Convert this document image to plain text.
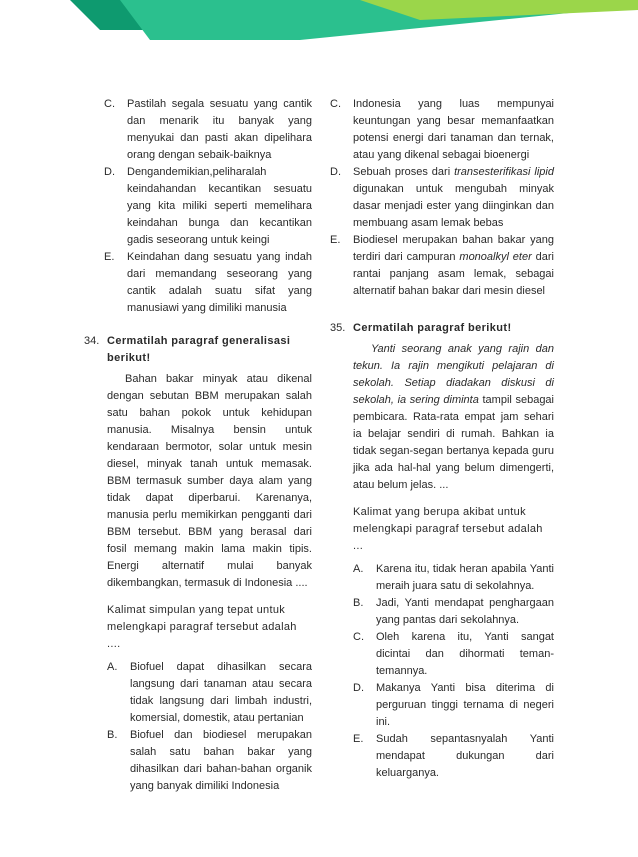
C. Pastilah segala sesuatu yang cantik dan menarik itu banyak yang menyukai dan pasti akan dipelihara orang dengan sebaik-baiknya
D. Dengandemikian,peliharalah keindahandan kecantikan sesuatu yang kita miliki seperti memelihara keindahan bunga dan kecantikan gadis seseorang untuk keingi
E. Keindahan dang sesuatu yang indah dari memandang seseorang yang cantik adalah suatu sifat yang manusiawi yang dimiliki manusia
34. Cermatilah paragraf generalisasi berikut!
Bahan bakar minyak atau dikenal dengan sebutan BBM merupakan salah satu bahan pokok untuk kehidupan manusia. Misalnya bensin untuk kendaraan bermotor, solar untuk mesin diesel, minyak tanah untuk memasak. BBM termasuk sumber daya alam yang tidak dapat diperbarui. Karenanya, manusia perlu memikirkan pengganti dari BBM tersebut. BBM yang berasal dari fosil memang makin lama makin tipis. Energi alternatif mulai banyak dikembangkan, termasuk di Indonesia ....
Kalimat simpulan yang tepat untuk melengkapi paragraf tersebut adalah ....
A. Biofuel dapat dihasilkan secara langsung dari tanaman atau secara tidak langsung dari limbah industri, komersial, domestik, atau pertanian
B. Biofuel dan biodiesel merupakan salah satu bahan bakar yang dihasilkan dari bahan-bahan organik yang banyak dimiliki Indonesia
C. Indonesia yang luas mempunyai keuntungan yang besar memanfaatkan potensi energi dari tanaman dan ternak, atau yang dikenal sebagai bioenergi
D. Sebuah proses dari transesterifikasi lipid digunakan untuk mengubah minyak dasar menjadi ester yang diinginkan dan membuang asam lemak bebas
E. Biodiesel merupakan bahan bakar yang terdiri dari campuran monoalkyl eter dari rantai panjang asam lemak, sebagai alternatif bahan bakar dari mesin diesel
35. Cermatilah paragraf berikut!
Yanti seorang anak yang rajin dan tekun. Ia rajin mengikuti pelajaran di sekolah. Setiap diadakan diskusi di sekolah, ia sering diminta tampil sebagai pembicara. Rata-rata empat jam sehari ia belajar sendiri di rumah. Bahkan ia tidak segan-segan bertanya kepada guru jika ada hal-hal yang belum dimengerti, atau belum jelas. ...
Kalimat yang berupa akibat untuk melengkapi paragraf tersebut adalah ...
A. Karena itu, tidak heran apabila Yanti meraih juara satu di sekolahnya.
B. Jadi, Yanti mendapat penghargaan yang pantas dari sekolahnya.
C. Oleh karena itu, Yanti sangat dicintai dan dihormati teman-temannya.
D. Makanya Yanti bisa diterima di perguruan tinggi ternama di negeri ini.
E. Sudah sepantasnyalah Yanti mendapat dukungan dari keluarganya.
